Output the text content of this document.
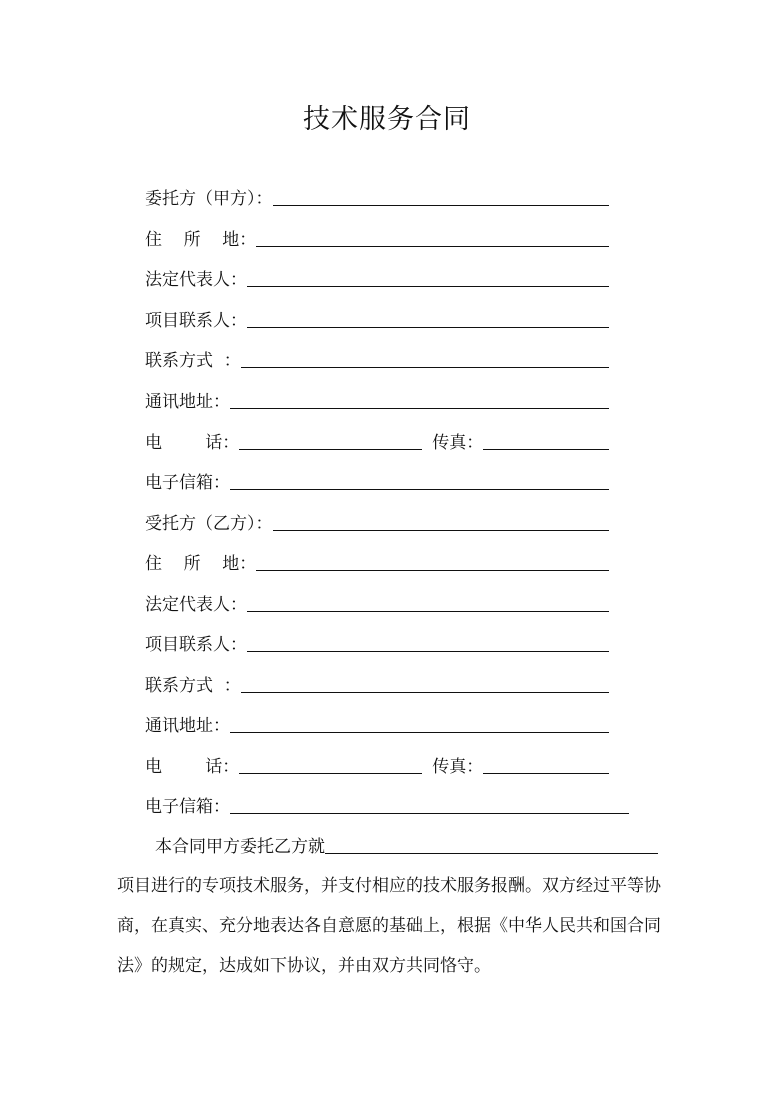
技术服务合同
委托方（甲方）：
住    所    地：
法定代表人：
项目联系人：
联系方式  ：
通讯地址：
电        话：	传真：
电子信箱：
受托方（乙方）：
住    所    地：
法定代表人：
项目联系人：
联系方式  ：
通讯地址：
电        话：	传真：
电子信箱：
本合同甲方委托乙方就

项目进行的专项技术服务，并支付相应的技术服务报酬。双方经过平等协商，在真实、充分地表达各自意愿的基础上，根据《中华人民共和国合同法》的规定，达成如下协议，并由双方共同恪守。
